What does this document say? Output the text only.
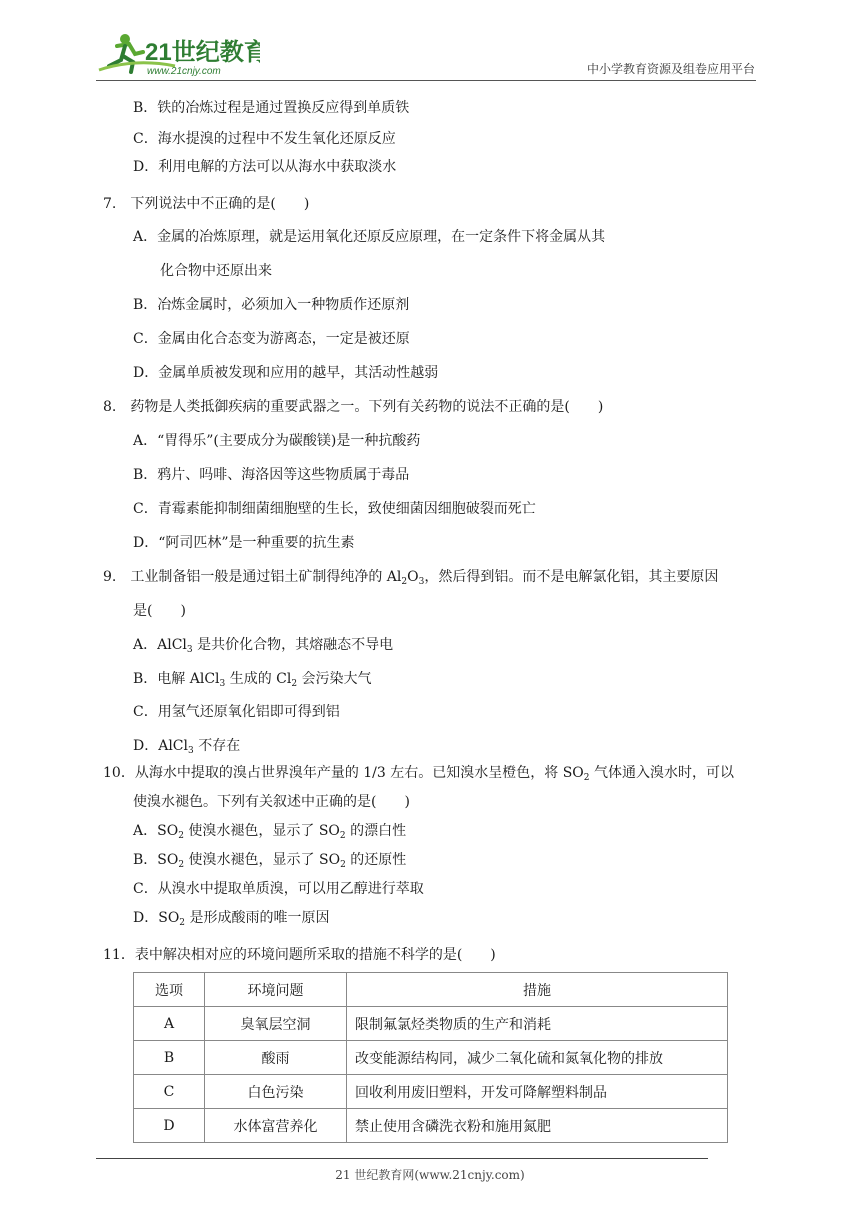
21世纪教育
www.21cnjy.com	中小学教育资源及组卷应用平台
B．铁的冶炼过程是通过置换反应得到单质铁
C．海水提溴的过程中不发生氧化还原反应
D．利用电解的方法可以从海水中获取淡水
7.　下列说法中不正确的是(　　)
A．金属的冶炼原理，就是运用氧化还原反应原理，在一定条件下将金属从其
化合物中还原出来
B．冶炼金属时，必须加入一种物质作还原剂
C．金属由化合态变为游离态，一定是被还原
D．金属单质被发现和应用的越早，其活动性越弱
8.　药物是人类抵御疾病的重要武器之一。下列有关药物的说法不正确的是(　　)
A．“胃得乐”(主要成分为碳酸镁)是一种抗酸药
B．鸦片、吗啡、海洛因等这些物质属于毒品
C．青霉素能抑制细菌细胞壁的生长，致使细菌因细胞破裂而死亡
D．“阿司匹林”是一种重要的抗生素
9.　工业制备铝一般是通过铝土矿制得纯净的 $Al_2O_3$，然后得到铝。而不是电解氯化铝，其主要原因
是(　　)
A．AlCl$_3$ 是共价化合物，其熔融态不导电
B．电解 AlCl$_3$ 生成的 $Cl_2$ 会污染大气
C．用氢气还原氧化铝即可得到铝
D．AlCl$_3$ 不存在
10．从海水中提取的溴占世界溴年产量的 1/3 左右。已知溴水呈橙色，将 $SO_2$ 气体通入溴水时，可以
使溴水褪色。下列有关叙述中正确的是(　　)
A．$SO_2$ 使溴水褪色，显示了 $SO_2$ 的漂白性
B．$SO_2$ 使溴水褪色，显示了 $SO_2$ 的还原性
C．从溴水中提取单质溴，可以用乙醇进行萃取
D．$SO_2$ 是形成酸雨的唯一原因
11．表中解决相对应的环境问题所采取的措施不科学的是(　　)
选项	环境问题	措施
A	臭氧层空洞	限制氟氯烃类物质的生产和消耗
B	酸雨	改变能源结构同，减少二氧化硫和氮氧化物的排放
C	白色污染	回收利用废旧塑料，开发可降解塑料制品
D	水体富营养化	禁止使用含磷洗衣粉和施用氮肥
21 世纪教育网(www.21cnjy.com)
